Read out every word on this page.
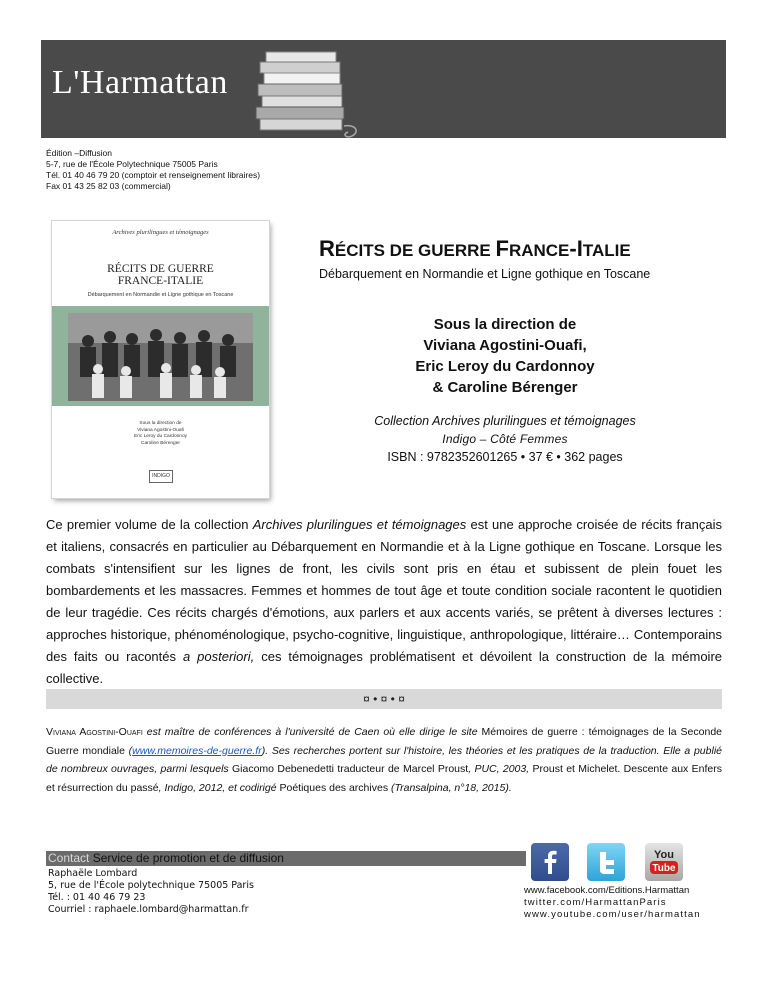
L'Harmattan
Édition –Diffusion
5-7, rue de l'École Polytechnique 75005 Paris
Tél. 01 40 46 79 20 (comptoir et renseignement libraires)
Fax 01 43 25 82 03 (commercial)
Archives plurilingues et témoignages
RÉCITS DE GUERRE
FRANCE-ITALIE
Débarquement en Normandie et Ligne gothique en Toscane
Sous la direction de
Viviana Agostini-Ouafi
Eric Leroy du Cardonnoy
Caroline Bérenger
INDIGO
RÉCITS DE GUERRE FRANCE-ITALIE
Débarquement en Normandie et Ligne gothique en Toscane
Sous la direction de
Viviana Agostini-Ouafi,
Eric Leroy du Cardonnoy
& Caroline Bérenger
Collection Archives plurilingues et témoignages
Indigo – Côté Femmes
ISBN : 9782352601265 • 37 € • 362 pages
Ce premier volume de la collection Archives plurilingues et témoignages est une approche croisée de récits français et italiens, consacrés en particulier au Débarquement en Normandie et à la Ligne gothique en Toscane. Lorsque les combats s'intensifient sur les lignes de front, les civils sont pris en étau et subissent de plein fouet les bombardements et les massacres. Femmes et hommes de tout âge et toute condition sociale racontent le quotidien de leur tragédie. Ces récits chargés d'émotions, aux parlers et aux accents variés, se prêtent à diverses lectures : approches historique, phénoménologique, psycho-cognitive, linguistique, anthropologique, littéraire… Contemporains des faits ou racontés a posteriori, ces témoignages problématisent et dévoilent la construction de la mémoire collective.
¤ • ¤ • ¤
Viviana Agostini-Ouafi est maître de conférences à l'université de Caen où elle dirige le site Mémoires de guerre : témoignages de la Seconde Guerre mondiale (www.memoires-de-guerre.fr). Ses recherches portent sur l'histoire, les théories et les pratiques de la traduction. Elle a publié de nombreux ouvrages, parmi lesquels Giacomo Debenedetti traducteur de Marcel Proust, PUC, 2003, Proust et Michelet. Descente aux Enfers et résurrection du passé, Indigo, 2012, et codirigé Poétiques des archives (Transalpina, n°18, 2015).
Contact Service de promotion et de diffusion
Raphaële Lombard
5, rue de l'École polytechnique 75005 Paris
Tél. : 01 40 46 79 23
Courriel : raphaele.lombard@harmattan.fr
You
Tube
www.facebook.com/Editions.Harmattan
twitter.com/HarmattanParis
www.youtube.com/user/harmattan
